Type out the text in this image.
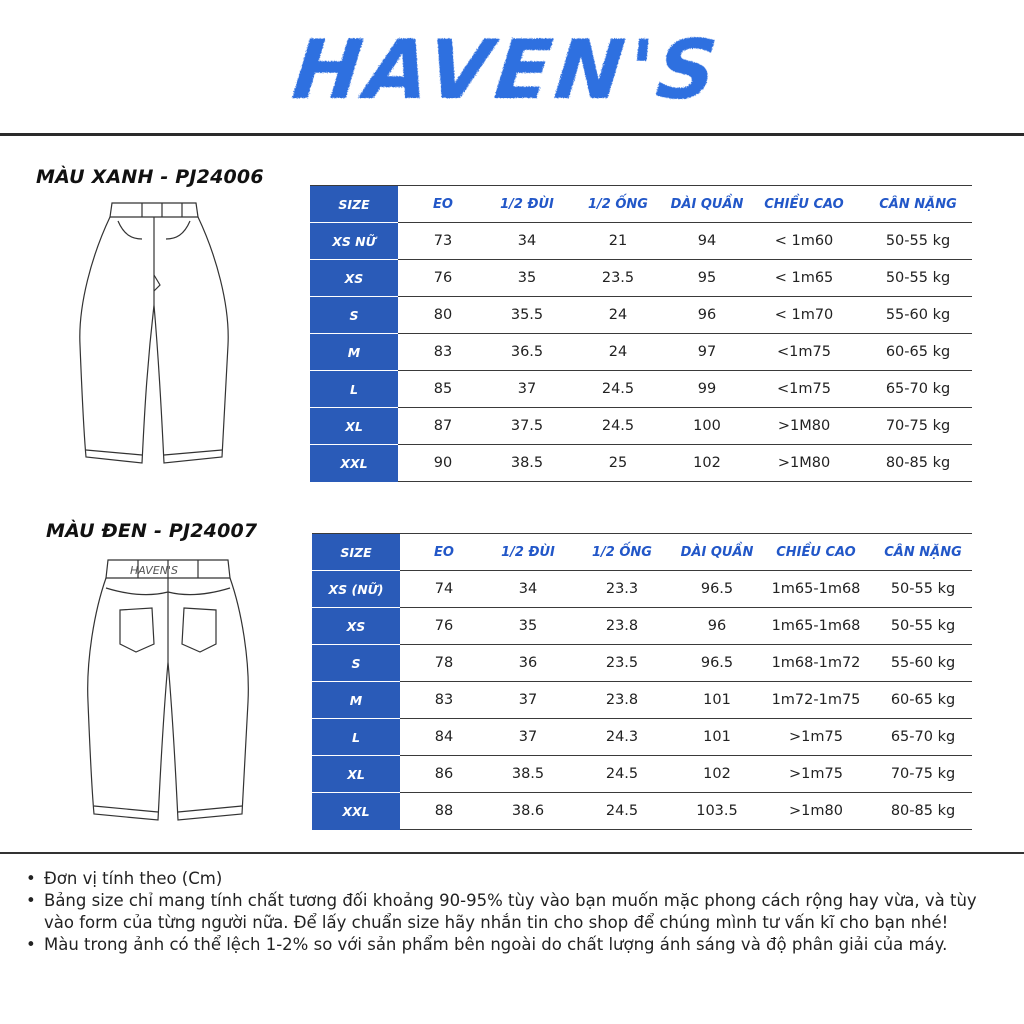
HAVEN'S
MÀU XANH - PJ24006
SIZE	EO	1/2 ĐÙI	1/2 ỐNG	DÀI QUẦN	CHIỀU CAO	CÂN NẶNG
XS NỮ	73	34	21	94	< 1m60	50-55 kg
XS	76	35	23.5	95	< 1m65	50-55 kg
S	80	35.5	24	96	< 1m70	55-60 kg
M	83	36.5	24	97	<1m75	60-65 kg
L	85	37	24.5	99	<1m75	65-70 kg
XL	87	37.5	24.5	100	>1M80	70-75 kg
XXL	90	38.5	25	102	>1M80	80-85 kg
MÀU ĐEN - PJ24007
HAVEN'S
SIZE	EO	1/2 ĐÙI	1/2 ỐNG	DÀI QUẦN	CHIỀU CAO	CÂN NẶNG
XS (NỮ)	74	34	23.3	96.5	1m65-1m68	50-55 kg
XS	76	35	23.8	96	1m65-1m68	50-55 kg
S	78	36	23.5	96.5	1m68-1m72	55-60 kg
M	83	37	23.8	101	1m72-1m75	60-65 kg
L	84	37	24.3	101	>1m75	65-70 kg
XL	86	38.5	24.5	102	>1m75	70-75 kg
XXL	88	38.6	24.5	103.5	>1m80	80-85 kg
• Đơn vị tính theo (Cm)
• Bảng size chỉ mang tính chất tương đối khoảng 90-95% tùy vào bạn muốn mặc phong cách rộng hay vừa, và tùy vào form của từng người nữa. Để lấy chuẩn size hãy nhắn tin cho shop để chúng mình tư vấn kĩ cho bạn nhé!
• Màu trong ảnh có thể lệch 1-2% so với sản phẩm bên ngoài do chất lượng ánh sáng và độ phân giải của máy.
